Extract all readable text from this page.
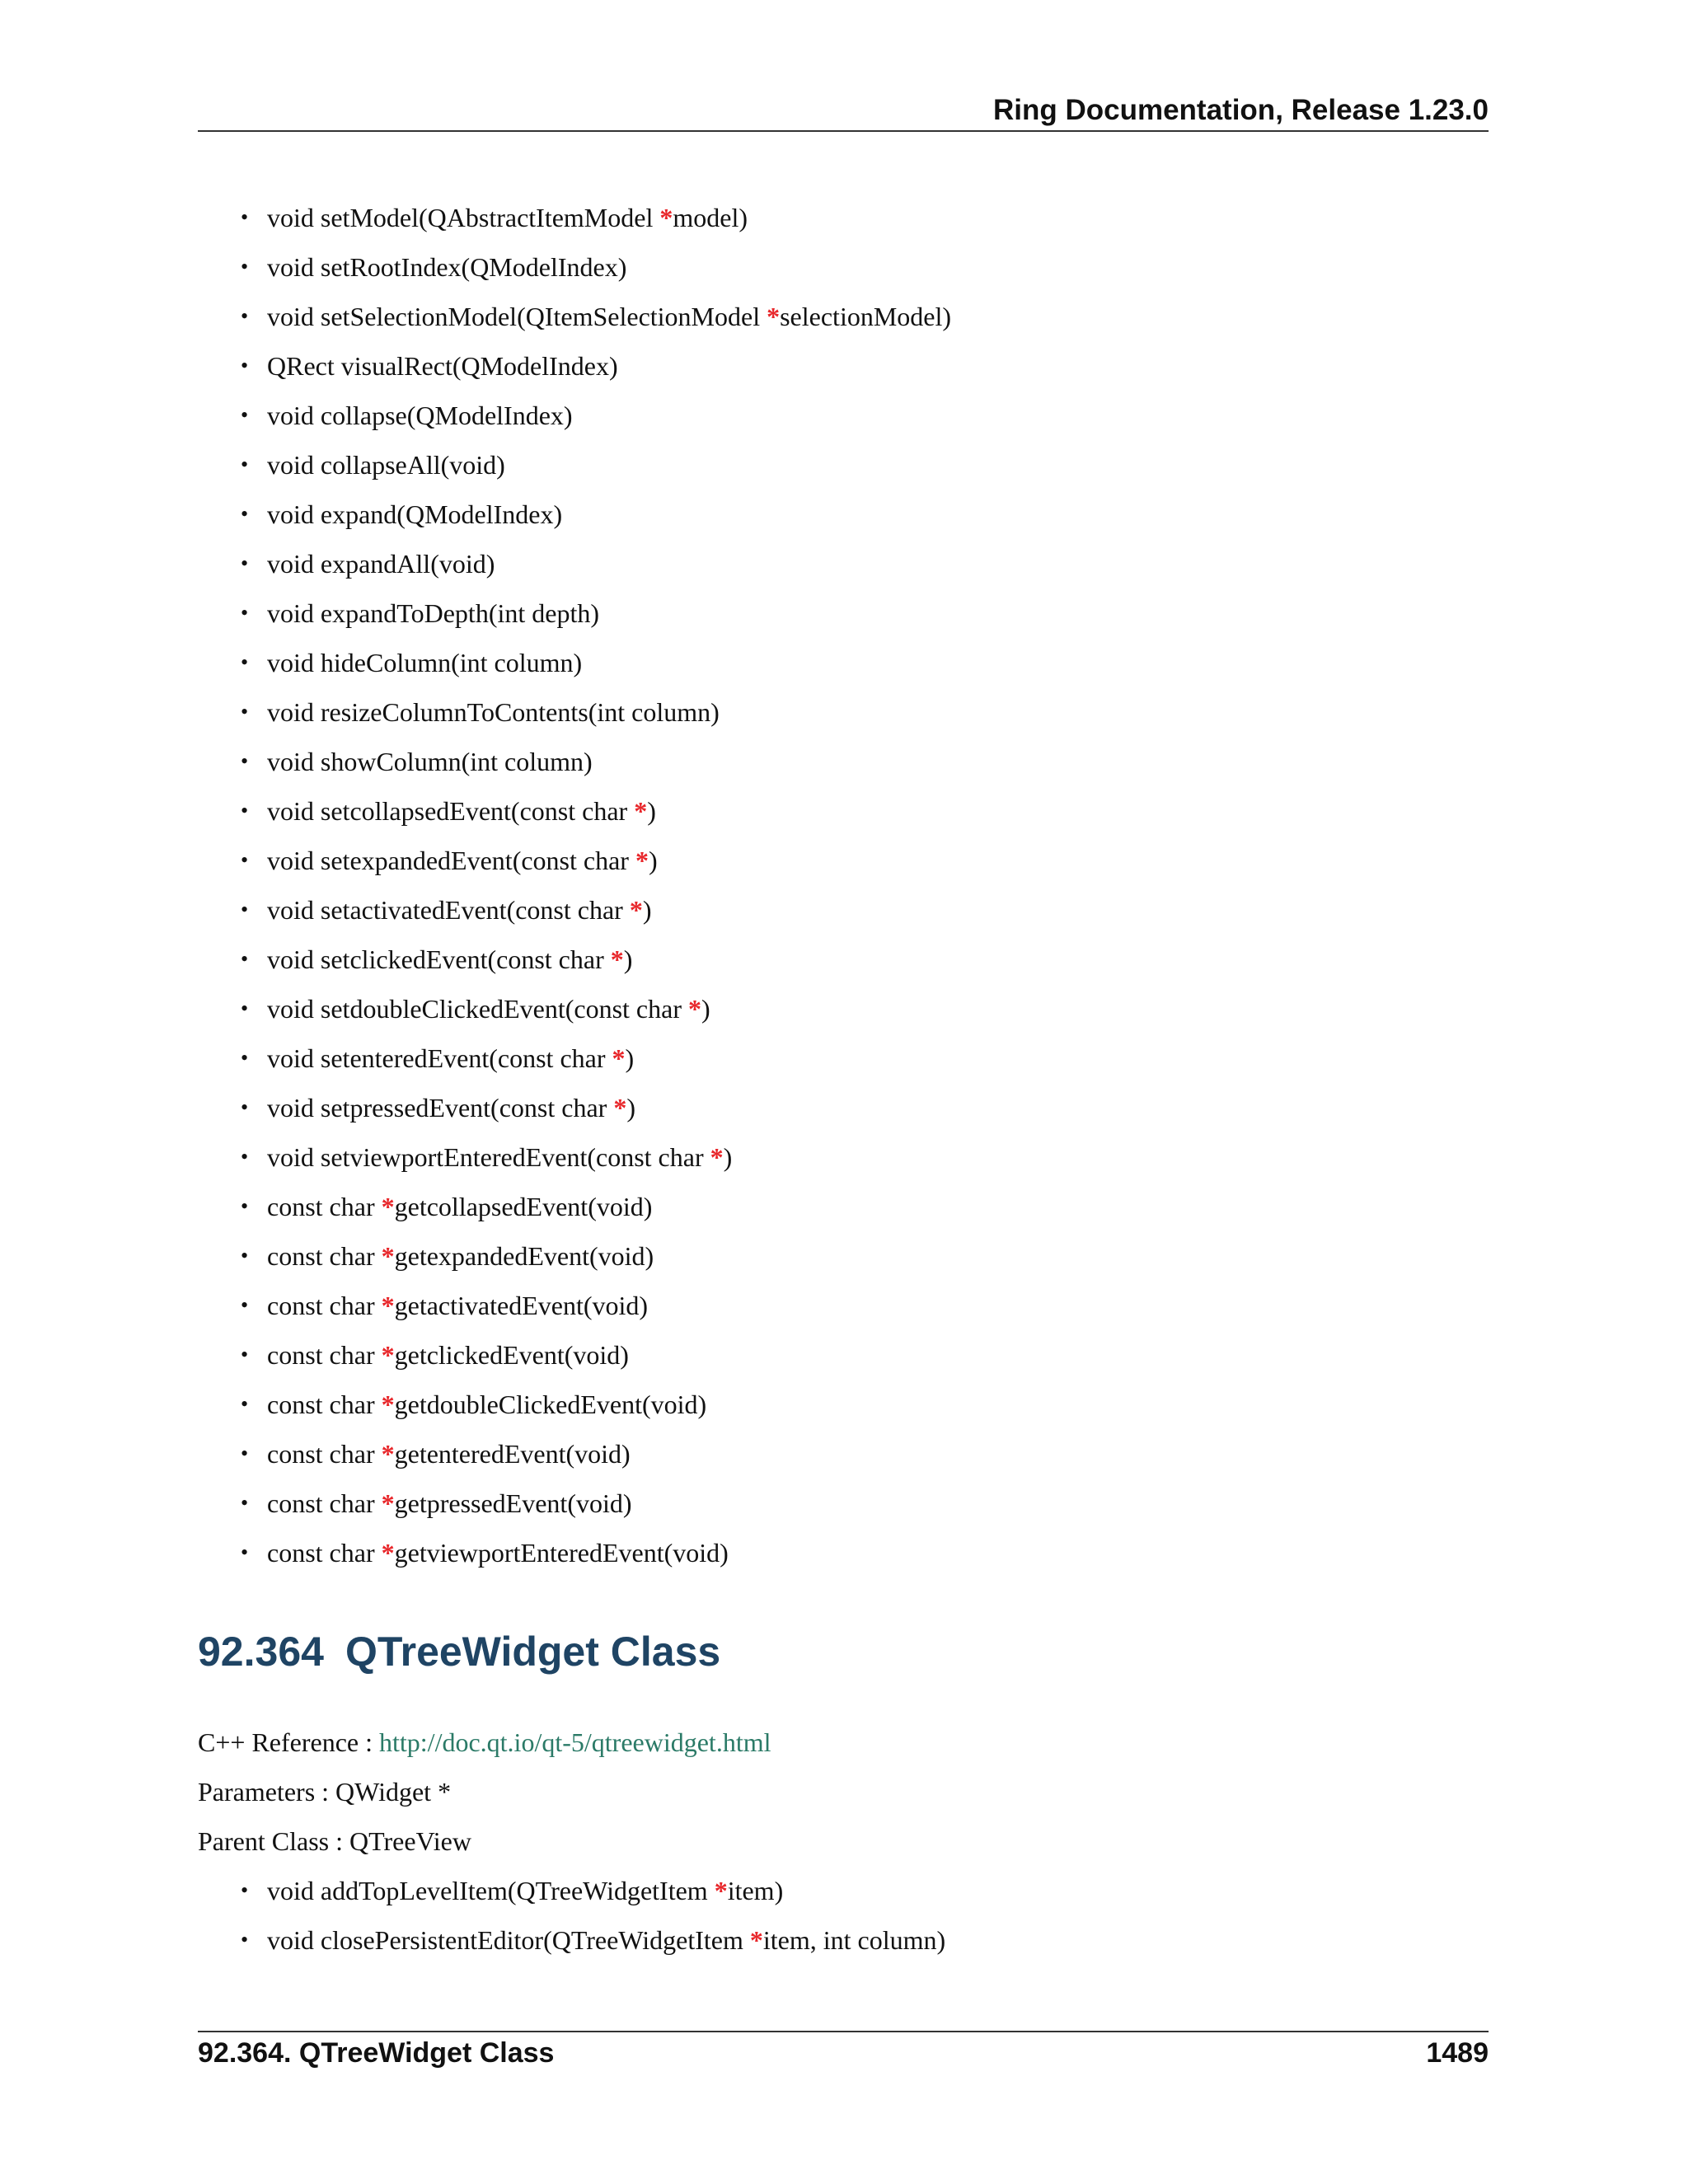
Ring Documentation, Release 1.23.0
• void setModel(QAbstractItemModel *model)
• void setRootIndex(QModelIndex)
• void setSelectionModel(QItemSelectionModel *selectionModel)
• QRect visualRect(QModelIndex)
• void collapse(QModelIndex)
• void collapseAll(void)
• void expand(QModelIndex)
• void expandAll(void)
• void expandToDepth(int depth)
• void hideColumn(int column)
• void resizeColumnToContents(int column)
• void showColumn(int column)
• void setcollapsedEvent(const char *)
• void setexpandedEvent(const char *)
• void setactivatedEvent(const char *)
• void setclickedEvent(const char *)
• void setdoubleClickedEvent(const char *)
• void setenteredEvent(const char *)
• void setpressedEvent(const char *)
• void setviewportEnteredEvent(const char *)
• const char *getcollapsedEvent(void)
• const char *getexpandedEvent(void)
• const char *getactivatedEvent(void)
• const char *getclickedEvent(void)
• const char *getdoubleClickedEvent(void)
• const char *getenteredEvent(void)
• const char *getpressedEvent(void)
• const char *getviewportEnteredEvent(void)
92.364 QTreeWidget Class
C++ Reference : http://doc.qt.io/qt-5/qtreewidget.html
Parameters : QWidget *
Parent Class : QTreeView
• void addTopLevelItem(QTreeWidgetItem *item)
• void closePersistentEditor(QTreeWidgetItem *item, int column)
92.364. QTreeWidget Class	1489
